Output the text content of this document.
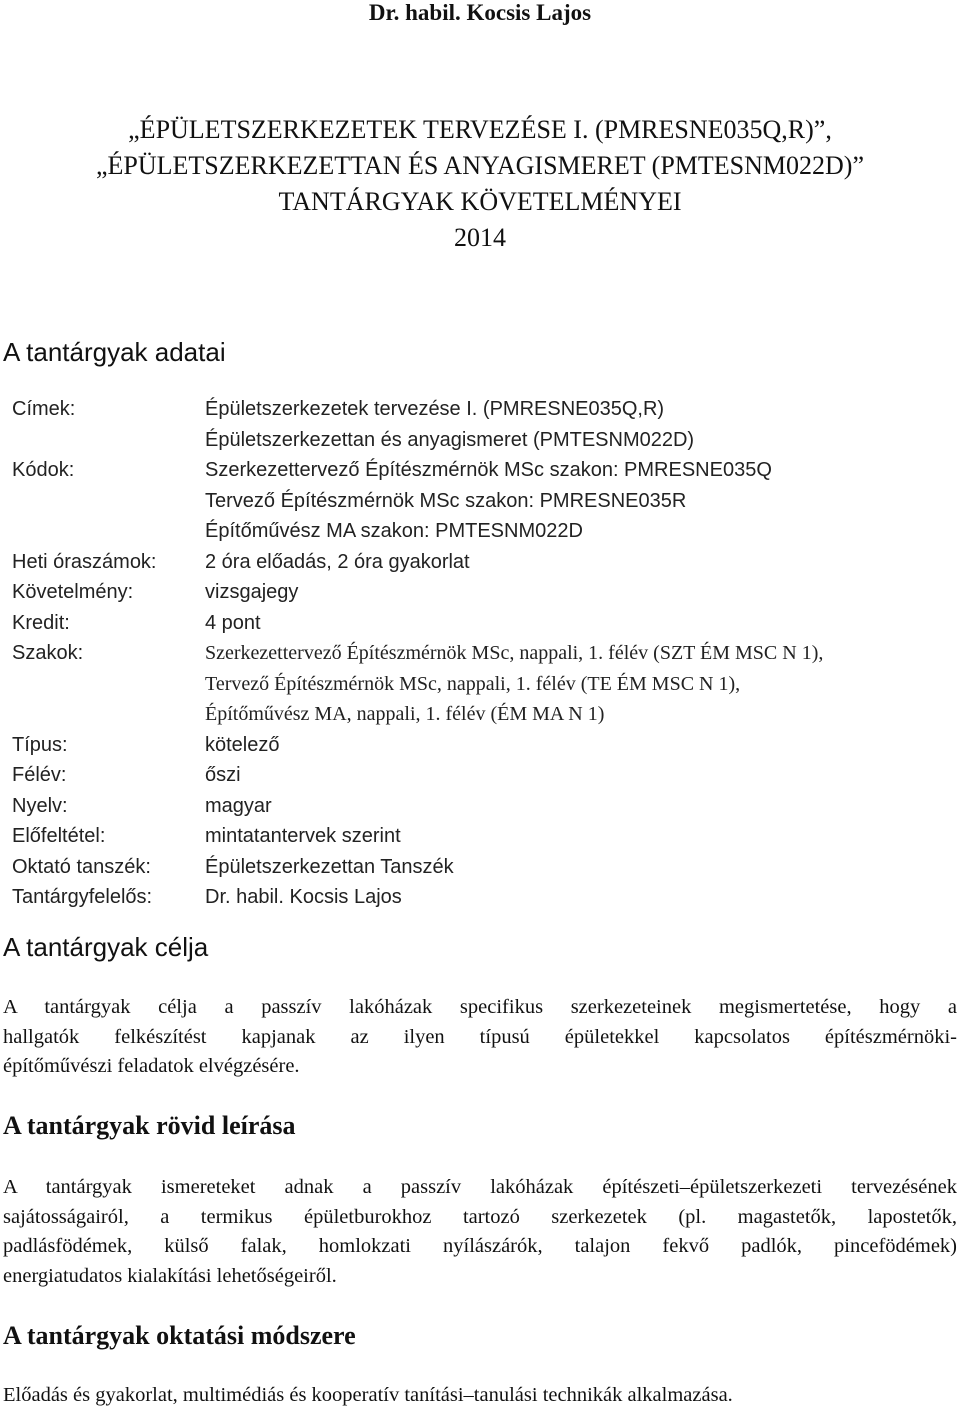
Dr. habil. Kocsis Lajos
„ÉPÜLETSZERKEZETEK TERVEZÉSE I. (PMRESNE035Q,R)”,
„ÉPÜLETSZERKEZETTAN ÉS ANYAGISMERET (PMTESNM022D)”
TANTÁRGYAK KÖVETELMÉNYEI
2014
A tantárgyak adatai
Címek:	Épületszerkezetek tervezése I. (PMRESNE035Q,R)
Épületszerkezettan és anyagismeret (PMTESNM022D)
Kódok:	Szerkezettervező Építészmérnök MSc szakon: PMRESNE035Q
Tervező Építészmérnök MSc szakon: PMRESNE035R
Építőművész MA szakon: PMTESNM022D
Heti óraszámok:	2 óra előadás, 2 óra gyakorlat
Követelmény:	vizsgajegy
Kredit:	4 pont
Szakok:	Szerkezettervező Építészmérnök MSc, nappali, 1. félév (SZT ÉM MSC N 1),
Tervező Építészmérnök MSc, nappali, 1. félév (TE ÉM MSC N 1),
Építőművész MA, nappali, 1. félév (ÉM MA N 1)
Típus:	kötelező
Félév:	őszi
Nyelv:	magyar
Előfeltétel:	mintatantervek szerint
Oktató tanszék:	Épületszerkezettan Tanszék
Tantárgyfelelős:	Dr. habil. Kocsis Lajos
A tantárgyak célja
A tantárgyak célja a passzív lakóházak specifikus szerkezeteinek megismertetése, hogy a
hallgatók felkészítést kapjanak az ilyen típusú épületekkel kapcsolatos építészmérnöki-
építőművészi feladatok elvégzésére.
A tantárgyak rövid leírása
A tantárgyak ismereteket adnak a passzív lakóházak építészeti–épületszerkezeti tervezésének
sajátosságairól, a termikus épületburokhoz tartozó szerkezetek (pl. magastetők, lapostetők,
padlásfödémek, külső falak, homlokzati nyílászárók, talajon fekvő padlók, pincefödémek)
energiatudatos kialakítási lehetőségeiről.
A tantárgyak oktatási módszere
Előadás és gyakorlat, multimédiás és kooperatív tanítási–tanulási technikák alkalmazása.
